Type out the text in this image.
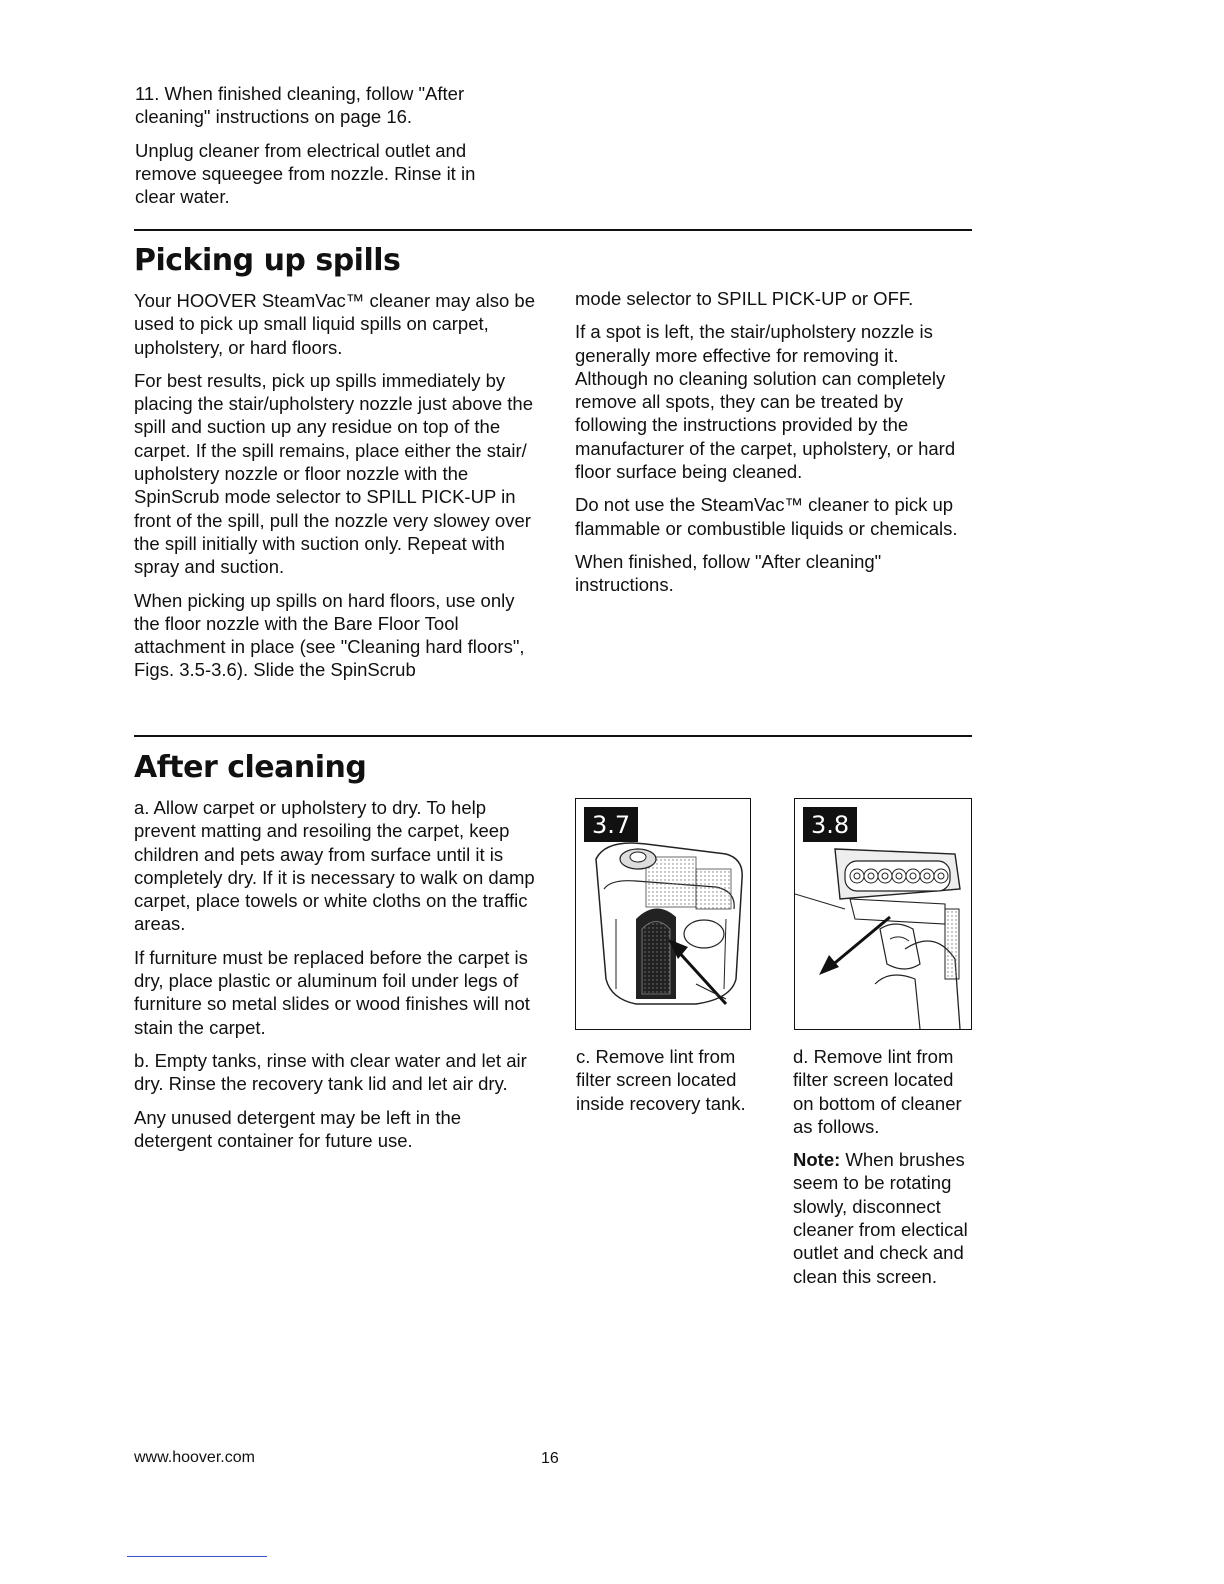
11. When finished cleaning, follow "After cleaning" instructions on page 16.

Unplug cleaner from electrical outlet and remove squeegee from nozzle. Rinse it in clear water.

Picking up spills

Your HOOVER SteamVac™ cleaner may also be used to pick up small liquid spills on carpet, upholstery, or hard floors.

For best results, pick up spills immediately by placing the stair/upholstery nozzle just above the spill and suction up any residue on top of the carpet. If the spill remains, place either the stair/ upholstery nozzle or floor nozzle with the SpinScrub mode selector to SPILL PICK-UP in front of the spill, pull the nozzle very slowey over the spill initially with suction only. Repeat with spray and suction.

When picking up spills on hard floors, use only the floor nozzle with the Bare Floor Tool attachment in place (see "Cleaning hard floors", Figs. 3.5-3.6). Slide the SpinScrub

mode selector to SPILL PICK-UP or OFF.

If a spot is left, the stair/upholstery nozzle is generally more effective for removing it. Although no cleaning solution can completely remove all spots, they can be treated by following the instructions provided by the manufacturer of the carpet, upholstery, or hard floor surface being cleaned.

Do not use the SteamVac™ cleaner to pick up flammable or combustible liquids or chemicals.

When finished, follow "After cleaning" instructions.

After cleaning

a. Allow carpet or upholstery to dry. To help prevent matting and resoiling the carpet, keep children and pets away from surface until it is completely dry. If it is necessary to walk on damp carpet, place towels or white cloths on the traffic areas.

If furniture must be replaced before the carpet is dry, place plastic or aluminum foil under legs of furniture so metal slides or wood finishes will not stain the carpet.

b. Empty tanks, rinse with clear water and let air dry. Rinse the recovery tank lid and let air dry.

Any unused detergent may be left in the detergent container for future use.

3.7

c. Remove lint from filter screen located inside recovery tank.

3.8

d. Remove lint from filter screen located on bottom of cleaner as follows.

Note: When brushes seem to be rotating slowly, disconnect cleaner from electical outlet and check and clean this screen.

www.hoover.com	16
